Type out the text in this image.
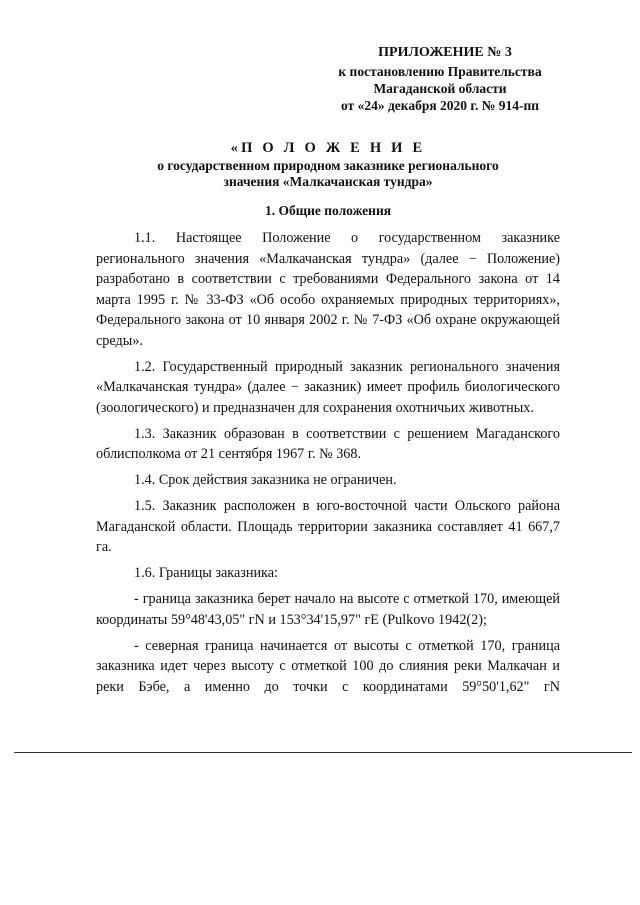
ПРИЛОЖЕНИЕ № 3
к постановлению Правительства
Магаданской области
от «24» декабря 2020 г. № 914-пп
«П О Л О Ж Е Н И Е
о государственном природном заказнике регионального
значения «Малкачанская тундра»
1. Общие положения

1.1. Настоящее Положение о государственном заказнике регионального значения «Малкачанская тундра» (далее − Положение) разработано в соответствии с требованиями Федерального закона от 14 марта 1995 г. № 33-ФЗ «Об особо охраняемых природных территориях», Федерального закона от 10 января 2002 г. № 7-ФЗ «Об охране окружающей среды».

1.2. Государственный природный заказник регионального значения «Малкачанская тундра» (далее − заказник) имеет профиль биологического (зоологического) и предназначен для сохранения охотничьих животных.

1.3. Заказник образован в соответствии с решением Магаданского облисполкома от 21 сентября 1967 г. № 368.

1.4. Срок действия заказника не ограничен.

1.5. Заказник расположен в юго-восточной части Ольского района Магаданской области. Площадь территории заказника составляет 41 667,7 га.

1.6. Границы заказника:

- граница заказника берет начало на высоте с отметкой 170, имеющей координаты 59°48'43,05" гN и 153°34'15,97" гE (Pulkovo 1942(2);

- северная граница начинается от высоты с отметкой 170, граница заказника идет через высоту с отметкой 100 до слияния реки Малкачан и реки Бэбе, а именно до точки с координатами 59°50'1,62" гN
